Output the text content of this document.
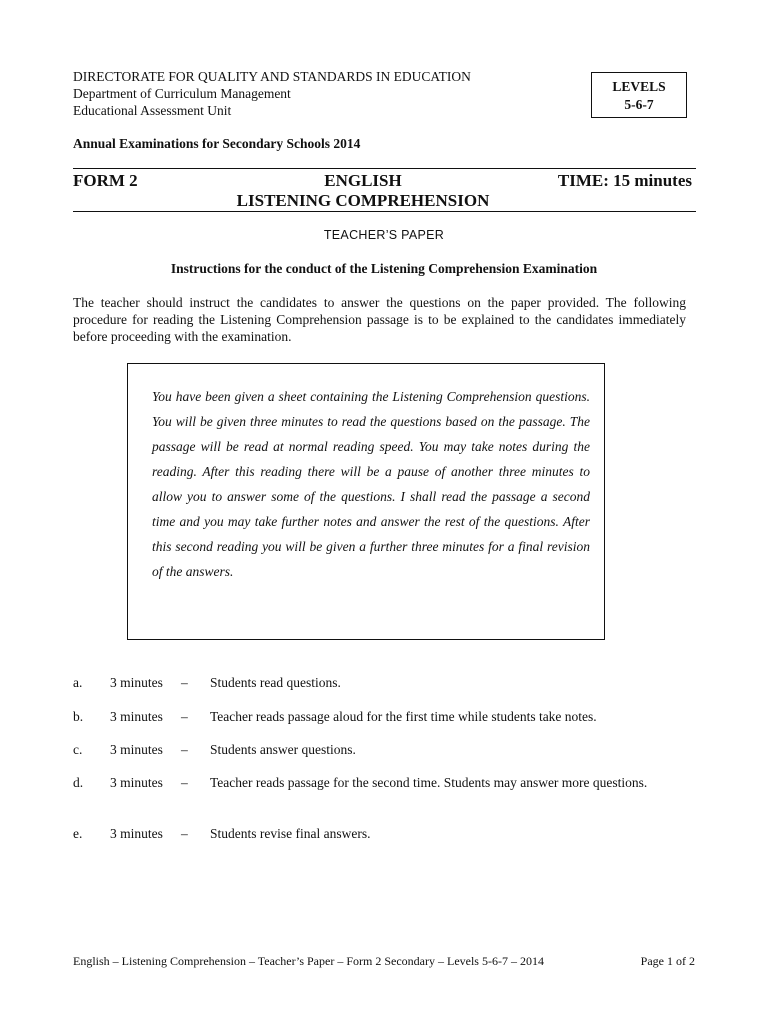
DIRECTORATE FOR QUALITY AND STANDARDS IN EDUCATION
Department of Curriculum Management
Educational Assessment Unit
LEVELS
5-6-7
Annual Examinations for Secondary Schools 2014
FORM 2	ENGLISH	TIME: 15 minutes
LISTENING COMPREHENSION
TEACHER’S PAPER
Instructions for the conduct of the Listening Comprehension Examination
The teacher should instruct the candidates to answer the questions on the paper provided. The following procedure for reading the Listening Comprehension passage is to be explained to the candidates immediately before proceeding with the examination.
You have been given a sheet containing the Listening Comprehension questions. You will be given three minutes to read the questions based on the passage. The passage will be read at normal reading speed. You may take notes during the reading. After this reading there will be a pause of another three minutes to allow you to answer some of the questions. I shall read the passage a second time and you may take further notes and answer the rest of the questions. After this second reading you will be given a further three minutes for a final revision of the answers.
a. 3 minutes – Students read questions.
b. 3 minutes – Teacher reads passage aloud for the first time while students take notes.
c. 3 minutes – Students answer questions.
d. 3 minutes – Teacher reads passage for the second time. Students may answer more questions.
e. 3 minutes – Students revise final answers.
English – Listening Comprehension – Teacher’s Paper – Form 2 Secondary – Levels 5-6-7 – 2014	Page 1 of 2
